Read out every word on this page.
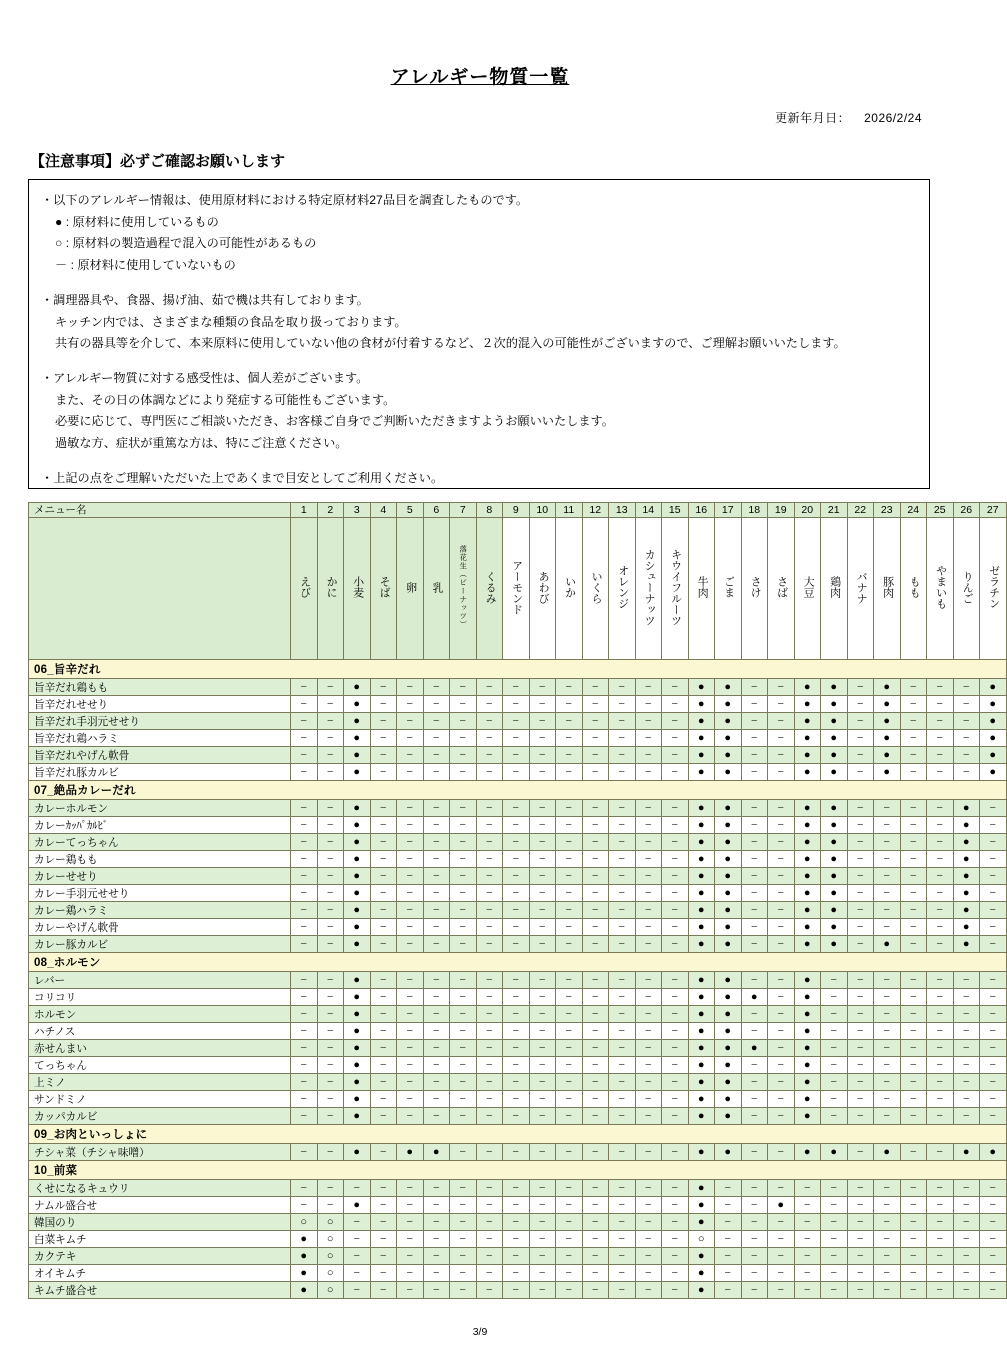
アレルギー物質一覧
更新年月日： 2026/2/24
【注意事項】必ずご確認お願いします

・以下のアレルギー情報は、使用原材料における特定原材料27品目を調査したものです。

● : 原材料に使用しているもの

○ : 原材料の製造過程で混入の可能性があるもの

－ : 原材料に使用していないもの

・調理器具や、食器、揚げ油、茹で機は共有しております。

キッチン内では、さまざまな種類の食品を取り扱っております。

共有の器具等を介して、本来原料に使用していない他の食材が付着するなど、２次的混入の可能性がございますので、ご理解お願いいたします。

・アレルギー物質に対する感受性は、個人差がございます。

また、その日の体調などにより発症する可能性もございます。

必要に応じて、専門医にご相談いただき、お客様ご自身でご判断いただきますようお願いいたします。

過敏な方、症状が重篤な方は、特にご注意ください。

・上記の点をご理解いただいた上であくまで目安としてご利用ください。

メニュー名	1	2	3	4	5	6	7	8	9	10	11	12	13	14	15	16	17	18	19	20	21	22	23	24	25	26	27
	えび	かに	小麦	そば	卵	乳	落花生（ピーナッツ）	くるみ	アーモンド	あわび	いか	いくら	オレンジ	カシューナッツ	キウイフルーツ	牛肉	ごま	さけ	さば	大豆	鶏肉	バナナ	豚肉	もも	やまいも	りんご	ゼラチン
06_旨辛だれ																											
旨辛だれ鶏もも	−	−	●	−	−	−	−	−	−	−	−	−	−	−	−	●	●	−	−	●	●	−	●	−	−	−	●

旨辛だれせせり	−	−	●	−	−	−	−	−	−	−	−	−	−	−	−	●	●	−	−	●	●	−	●	−	−	−	●

旨辛だれ手羽元せせり	−	−	●	−	−	−	−	−	−	−	−	−	−	−	−	●	●	−	−	●	●	−	●	−	−	−	●

旨辛だれ鶏ハラミ	−	−	●	−	−	−	−	−	−	−	−	−	−	−	−	●	●	−	−	●	●	−	●	−	−	−	●

旨辛だれやげん軟骨	−	−	●	−	−	−	−	−	−	−	−	−	−	−	−	●	●	−	−	●	●	−	●	−	−	−	●

旨辛だれ豚カルビ	−	−	●	−	−	−	−	−	−	−	−	−	−	−	−	●	●	−	−	●	●	−	●	−	−	−	●

07_絶品カレーだれ																											
カレーホルモン	−	−	●	−	−	−	−	−	−	−	−	−	−	−	−	●	●	−	−	●	●	−	−	−	−	●	−

カレーｶｯﾊﾟｶﾙﾋﾞ	−	−	●	−	−	−	−	−	−	−	−	−	−	−	−	●	●	−	−	●	●	−	−	−	−	●	−

カレーてっちゃん	−	−	●	−	−	−	−	−	−	−	−	−	−	−	−	●	●	−	−	●	●	−	−	−	−	●	−

カレー鶏もも	−	−	●	−	−	−	−	−	−	−	−	−	−	−	−	●	●	−	−	●	●	−	−	−	−	●	−

カレーせせり	−	−	●	−	−	−	−	−	−	−	−	−	−	−	−	●	●	−	−	●	●	−	−	−	−	●	−

カレー手羽元せせり	−	−	●	−	−	−	−	−	−	−	−	−	−	−	−	●	●	−	−	●	●	−	−	−	−	●	−

カレー鶏ハラミ	−	−	●	−	−	−	−	−	−	−	−	−	−	−	−	●	●	−	−	●	●	−	−	−	−	●	−

カレーやげん軟骨	−	−	●	−	−	−	−	−	−	−	−	−	−	−	−	●	●	−	−	●	●	−	−	−	−	●	−

カレー豚カルビ	−	−	●	−	−	−	−	−	−	−	−	−	−	−	−	●	●	−	−	●	●	−	●	−	−	●	−

08_ホルモン																											
レバー	−	−	●	−	−	−	−	−	−	−	−	−	−	−	−	●	●	−	−	●	−	−	−	−	−	−	−

コリコリ	−	−	●	−	−	−	−	−	−	−	−	−	−	−	−	●	●	●	−	●	−	−	−	−	−	−	−

ホルモン	−	−	●	−	−	−	−	−	−	−	−	−	−	−	−	●	●	−	−	●	−	−	−	−	−	−	−

ハチノス	−	−	●	−	−	−	−	−	−	−	−	−	−	−	−	●	●	−	−	●	−	−	−	−	−	−	−

赤せんまい	−	−	●	−	−	−	−	−	−	−	−	−	−	−	−	●	●	●	−	●	−	−	−	−	−	−	−

てっちゃん	−	−	●	−	−	−	−	−	−	−	−	−	−	−	−	●	●	−	−	●	−	−	−	−	−	−	−

上ミノ	−	−	●	−	−	−	−	−	−	−	−	−	−	−	−	●	●	−	−	●	−	−	−	−	−	−	−

サンドミノ	−	−	●	−	−	−	−	−	−	−	−	−	−	−	−	●	●	−	−	●	−	−	−	−	−	−	−

カッパカルビ	−	−	●	−	−	−	−	−	−	−	−	−	−	−	−	●	●	−	−	●	−	−	−	−	−	−	−

09_お肉といっしょに																											
チシャ菜（チシャ味噌）	−	−	●	−	●	●	−	−	−	−	−	−	−	−	−	●	●	−	−	●	●	−	●	−	−	●	●

10_前菜																											
くせになるキュウリ	−	−	−	−	−	−	−	−	−	−	−	−	−	−	−	●	−	−	−	−	−	−	−	−	−	−	−

ナムル盛合せ	−	−	●	−	−	−	−	−	−	−	−	−	−	−	−	●	−	−	●	−	−	−	−	−	−	−	−

韓国のり	○	○	−	−	−	−	−	−	−	−	−	−	−	−	−	●	−	−	−	−	−	−	−	−	−	−	−

白菜キムチ	●	○	−	−	−	−	−	−	−	−	−	−	−	−	−	○	−	−	−	−	−	−	−	−	−	−	−

カクテキ	●	○	−	−	−	−	−	−	−	−	−	−	−	−	−	●	−	−	−	−	−	−	−	−	−	−	−

オイキムチ	●	○	−	−	−	−	−	−	−	−	−	−	−	−	−	●	−	−	−	−	−	−	−	−	−	−	−

キムチ盛合せ	●	○	−	−	−	−	−	−	−	−	−	−	−	−	−	●	−	−	−	−	−	−	−	−	−	−	−
3/9
